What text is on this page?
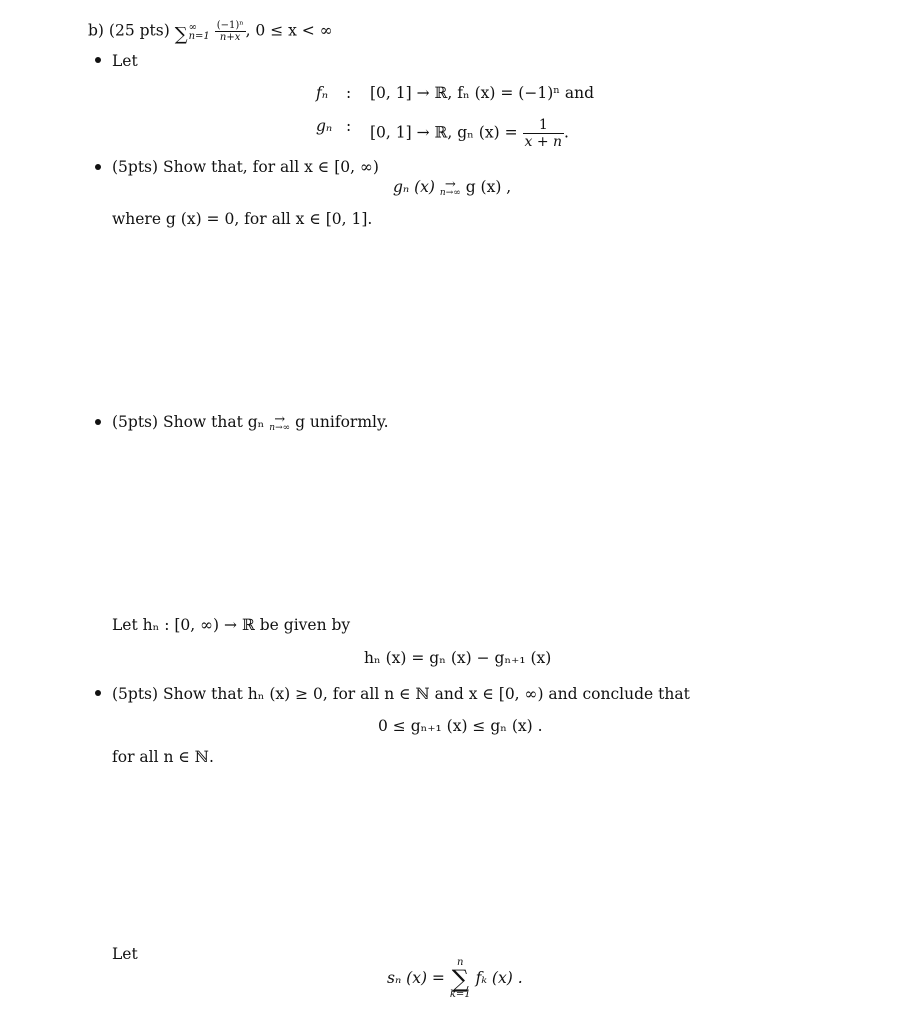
b) (25 pts) ∑ ∞
n=1
$\frac{\text{(−1)ⁿ}}{n+x}$ , 0 ≤ x < ∞
Let
fₙ : [0, 1] → ℝ, fₙ (x) = (−1)ⁿ and
gₙ : [0, 1] → ℝ, gₙ $(x) = \frac{1}{x + n}$ .
(5pts) Show that, for all x ∈ [0, ∞)
gₙ (x) →
n→∞ g (x) ,
where g (x) = 0, for all x ∈ [0, 1].
(5pts) Show that gₙ →
n→∞ g uniformly.
Let hₙ : [0, ∞) → ℝ be given by
hₙ (x) = gₙ (x) − gₙ₊₁ (x)
(5pts) Show that hₙ (x) ≥ 0, for all n ∈ ℕ and x ∈ [0, ∞) and conclude that
0 ≤ gₙ₊₁ (x) ≤ gₙ (x) .
for all n ∈ ℕ.
Let
sₙ (x) =
n
∑
k=1
fₖ (x) .
